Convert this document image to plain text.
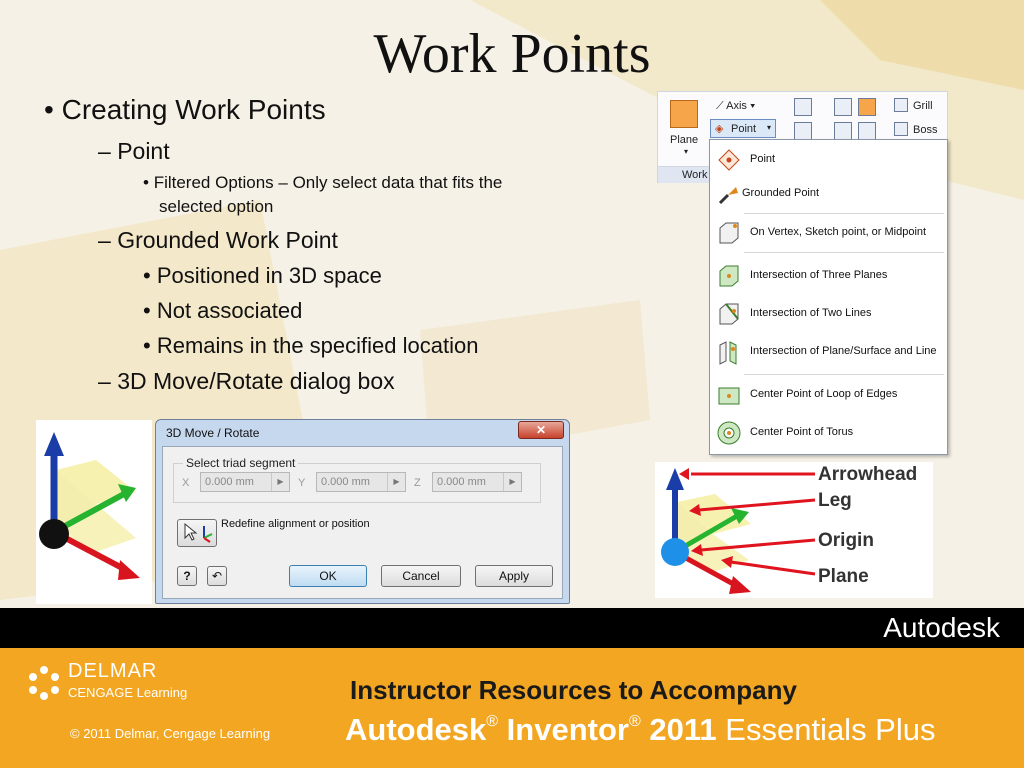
Work Points
• Creating Work Points
– Point
• Filtered Options – Only select data that fits the
selected option
– Grounded Work Point
• Positioned in 3D space
• Not associated
• Remains in the specified location
– 3D Move/Rotate dialog box
Plane
▾
Work
⟋ Axis ▾
◈ Point ▾
Grill
Boss
Point
Grounded Point
On Vertex, Sketch point, or Midpoint
Intersection of Three Planes
Intersection of Two Lines
Intersection of Plane/Surface and Line
Center Point of Loop of Edges
Center Point of Torus
3D Move / Rotate	✕
X 0.000 mm	▶	Y 0.000 mm	▶	Z 0.000 mm	▶
Select triad segment
Redefine alignment or position
?	↶	OK	Cancel	Apply
Arrowhead
Leg
Origin
Plane
Autodesk
DELMAR
CENGAGE Learning
© 2011 Delmar, Cengage Learning
Instructor Resources to Accompany
Autodesk® Inventor® 2011 Essentials Plus
